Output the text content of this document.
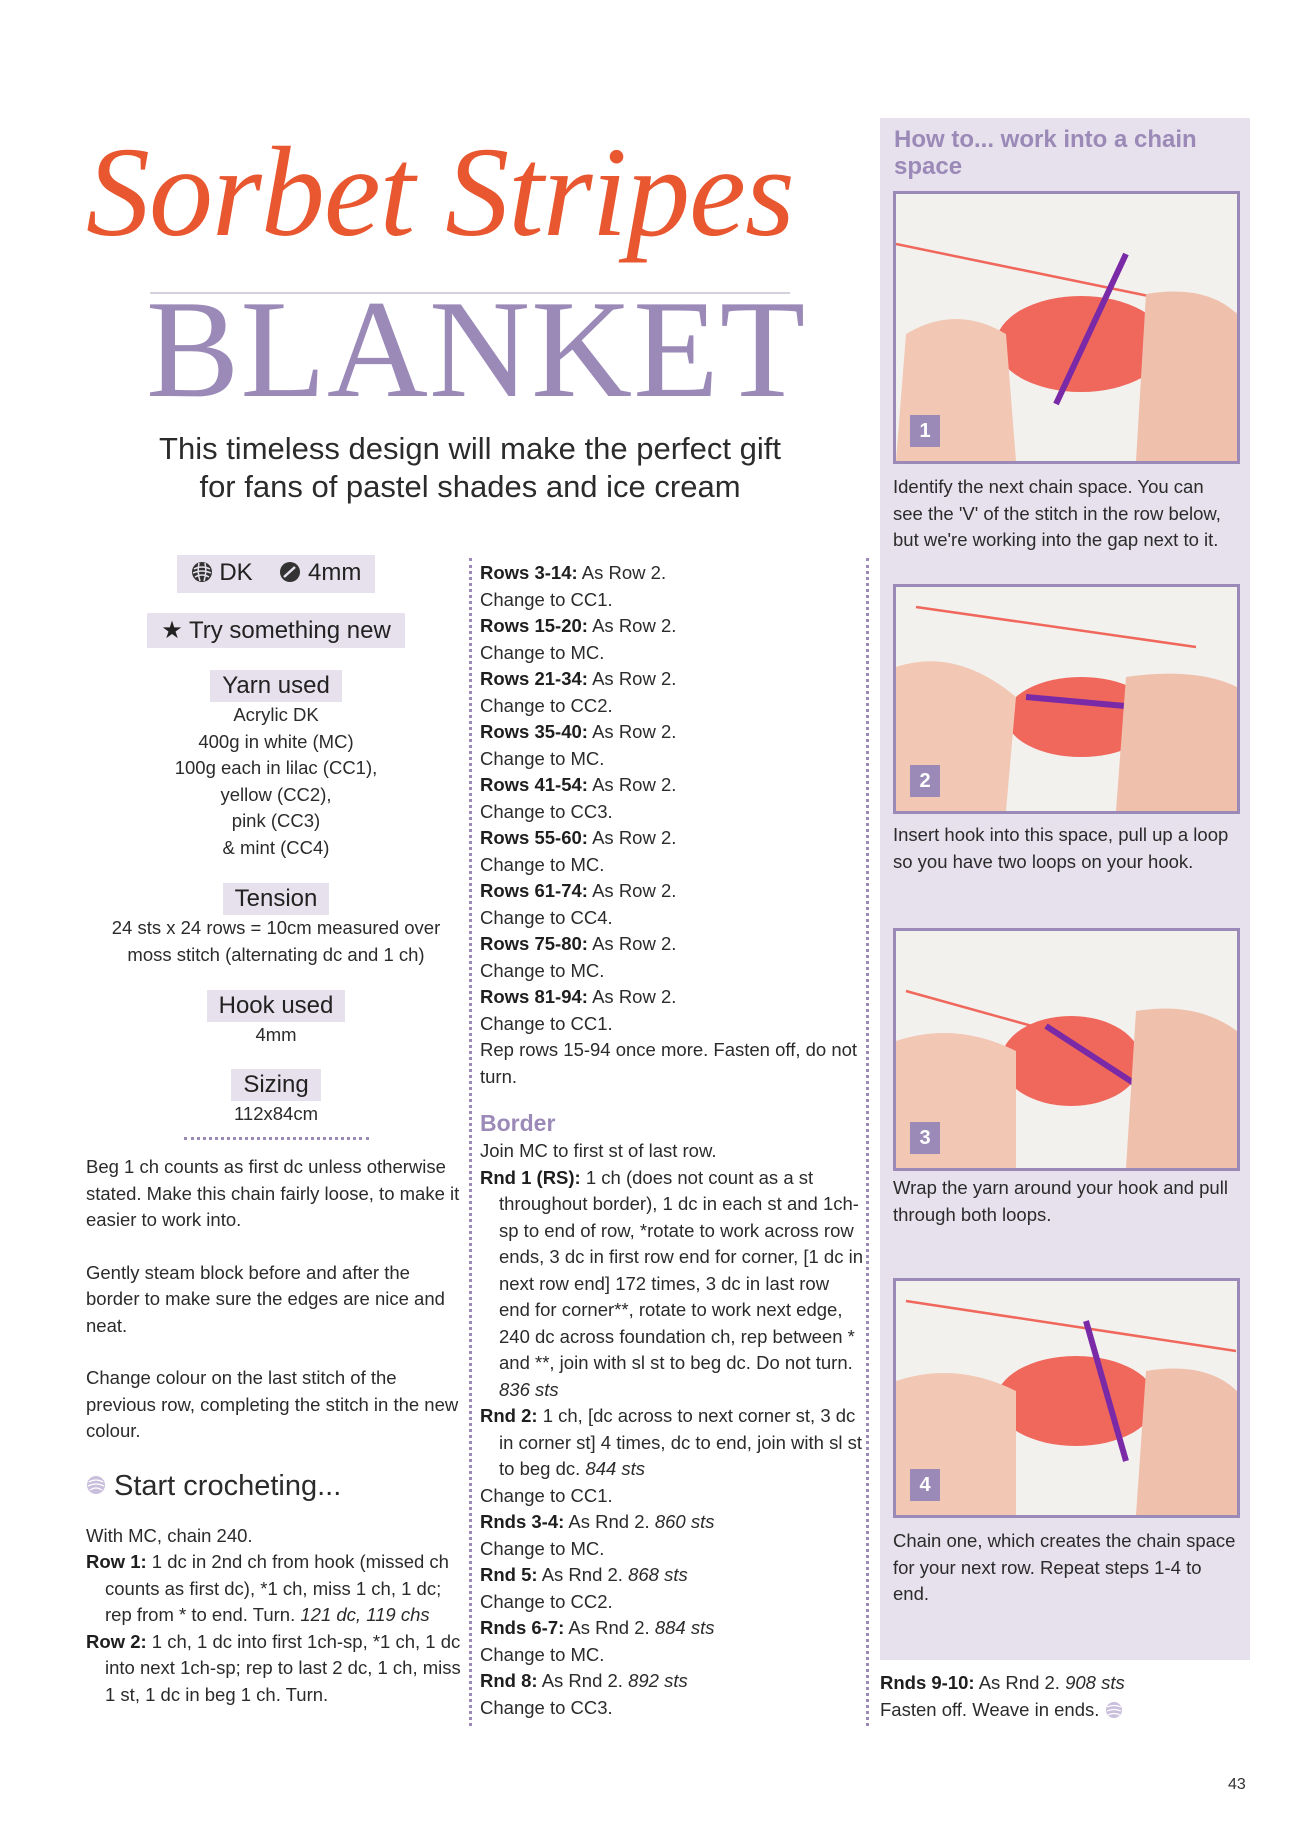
Sorbet Stripes
BLANKET
This timeless design will make the perfect gift
for fans of pastel shades and ice cream
DK 4mm
★ Try something new
Yarn used
Acrylic DK
400g in white (MC)
100g each in lilac (CC1),
yellow (CC2),
pink (CC3)
& mint (CC4)
Tension
24 sts x 24 rows = 10cm measured over
moss stitch (alternating dc and 1 ch)
Hook used
4mm
Sizing
112x84cm
Beg 1 ch counts as first dc unless otherwise stated. Make this chain fairly loose, to make it easier to work into.
Gently steam block before and after the border to make sure the edges are nice and neat.
Change colour on the last stitch of the previous row, completing the stitch in the new colour.
Start crocheting...
With MC, chain 240.
Row 1: 1 dc in 2nd ch from hook (missed ch counts as first dc), *1 ch, miss 1 ch, 1 dc; rep from * to end. Turn. 121 dc, 119 chs
Row 2: 1 ch, 1 dc into first 1ch-sp, *1 ch, 1 dc into next 1ch-sp; rep to last 2 dc, 1 ch, miss 1 st, 1 dc in beg 1 ch. Turn.
Rows 3-14: As Row 2.
Change to CC1.
Rows 15-20: As Row 2.
Change to MC.
Rows 21-34: As Row 2.
Change to CC2.
Rows 35-40: As Row 2.
Change to MC.
Rows 41-54: As Row 2.
Change to CC3.
Rows 55-60: As Row 2.
Change to MC.
Rows 61-74: As Row 2.
Change to CC4.
Rows 75-80: As Row 2.
Change to MC.
Rows 81-94: As Row 2.
Change to CC1.
Rep rows 15-94 once more. Fasten off, do not turn.
Border
Join MC to first st of last row.
Rnd 1 (RS): 1 ch (does not count as a st throughout border), 1 dc in each st and 1ch-sp to end of row, *rotate to work across row ends, 3 dc in first row end for corner, [1 dc in next row end] 172 times, 3 dc in last row end for corner**, rotate to work next edge, 240 dc across foundation ch, rep between * and **, join with sl st to beg dc. Do not turn. 836 sts
Rnd 2: 1 ch, [dc across to next corner st, 3 dc in corner st] 4 times, dc to end, join with sl st to beg dc. 844 sts
Change to CC1.
Rnds 3-4: As Rnd 2. 860 sts
Change to MC.
Rnd 5: As Rnd 2. 868 sts
Change to CC2.
Rnds 6-7: As Rnd 2. 884 sts
Change to MC.
Rnd 8: As Rnd 2. 892 sts
Change to CC3.
How to... work into a chain space
1
Identify the next chain space. You can see the 'V' of the stitch in the row below, but we're working into the gap next to it.
2
Insert hook into this space, pull up a loop so you have two loops on your hook.
3
Wrap the yarn around your hook and pull through both loops.
4
Chain one, which creates the chain space for your next row. Repeat steps 1-4 to end.
Rnds 9-10: As Rnd 2. 908 sts
Fasten off. Weave in ends.
43
